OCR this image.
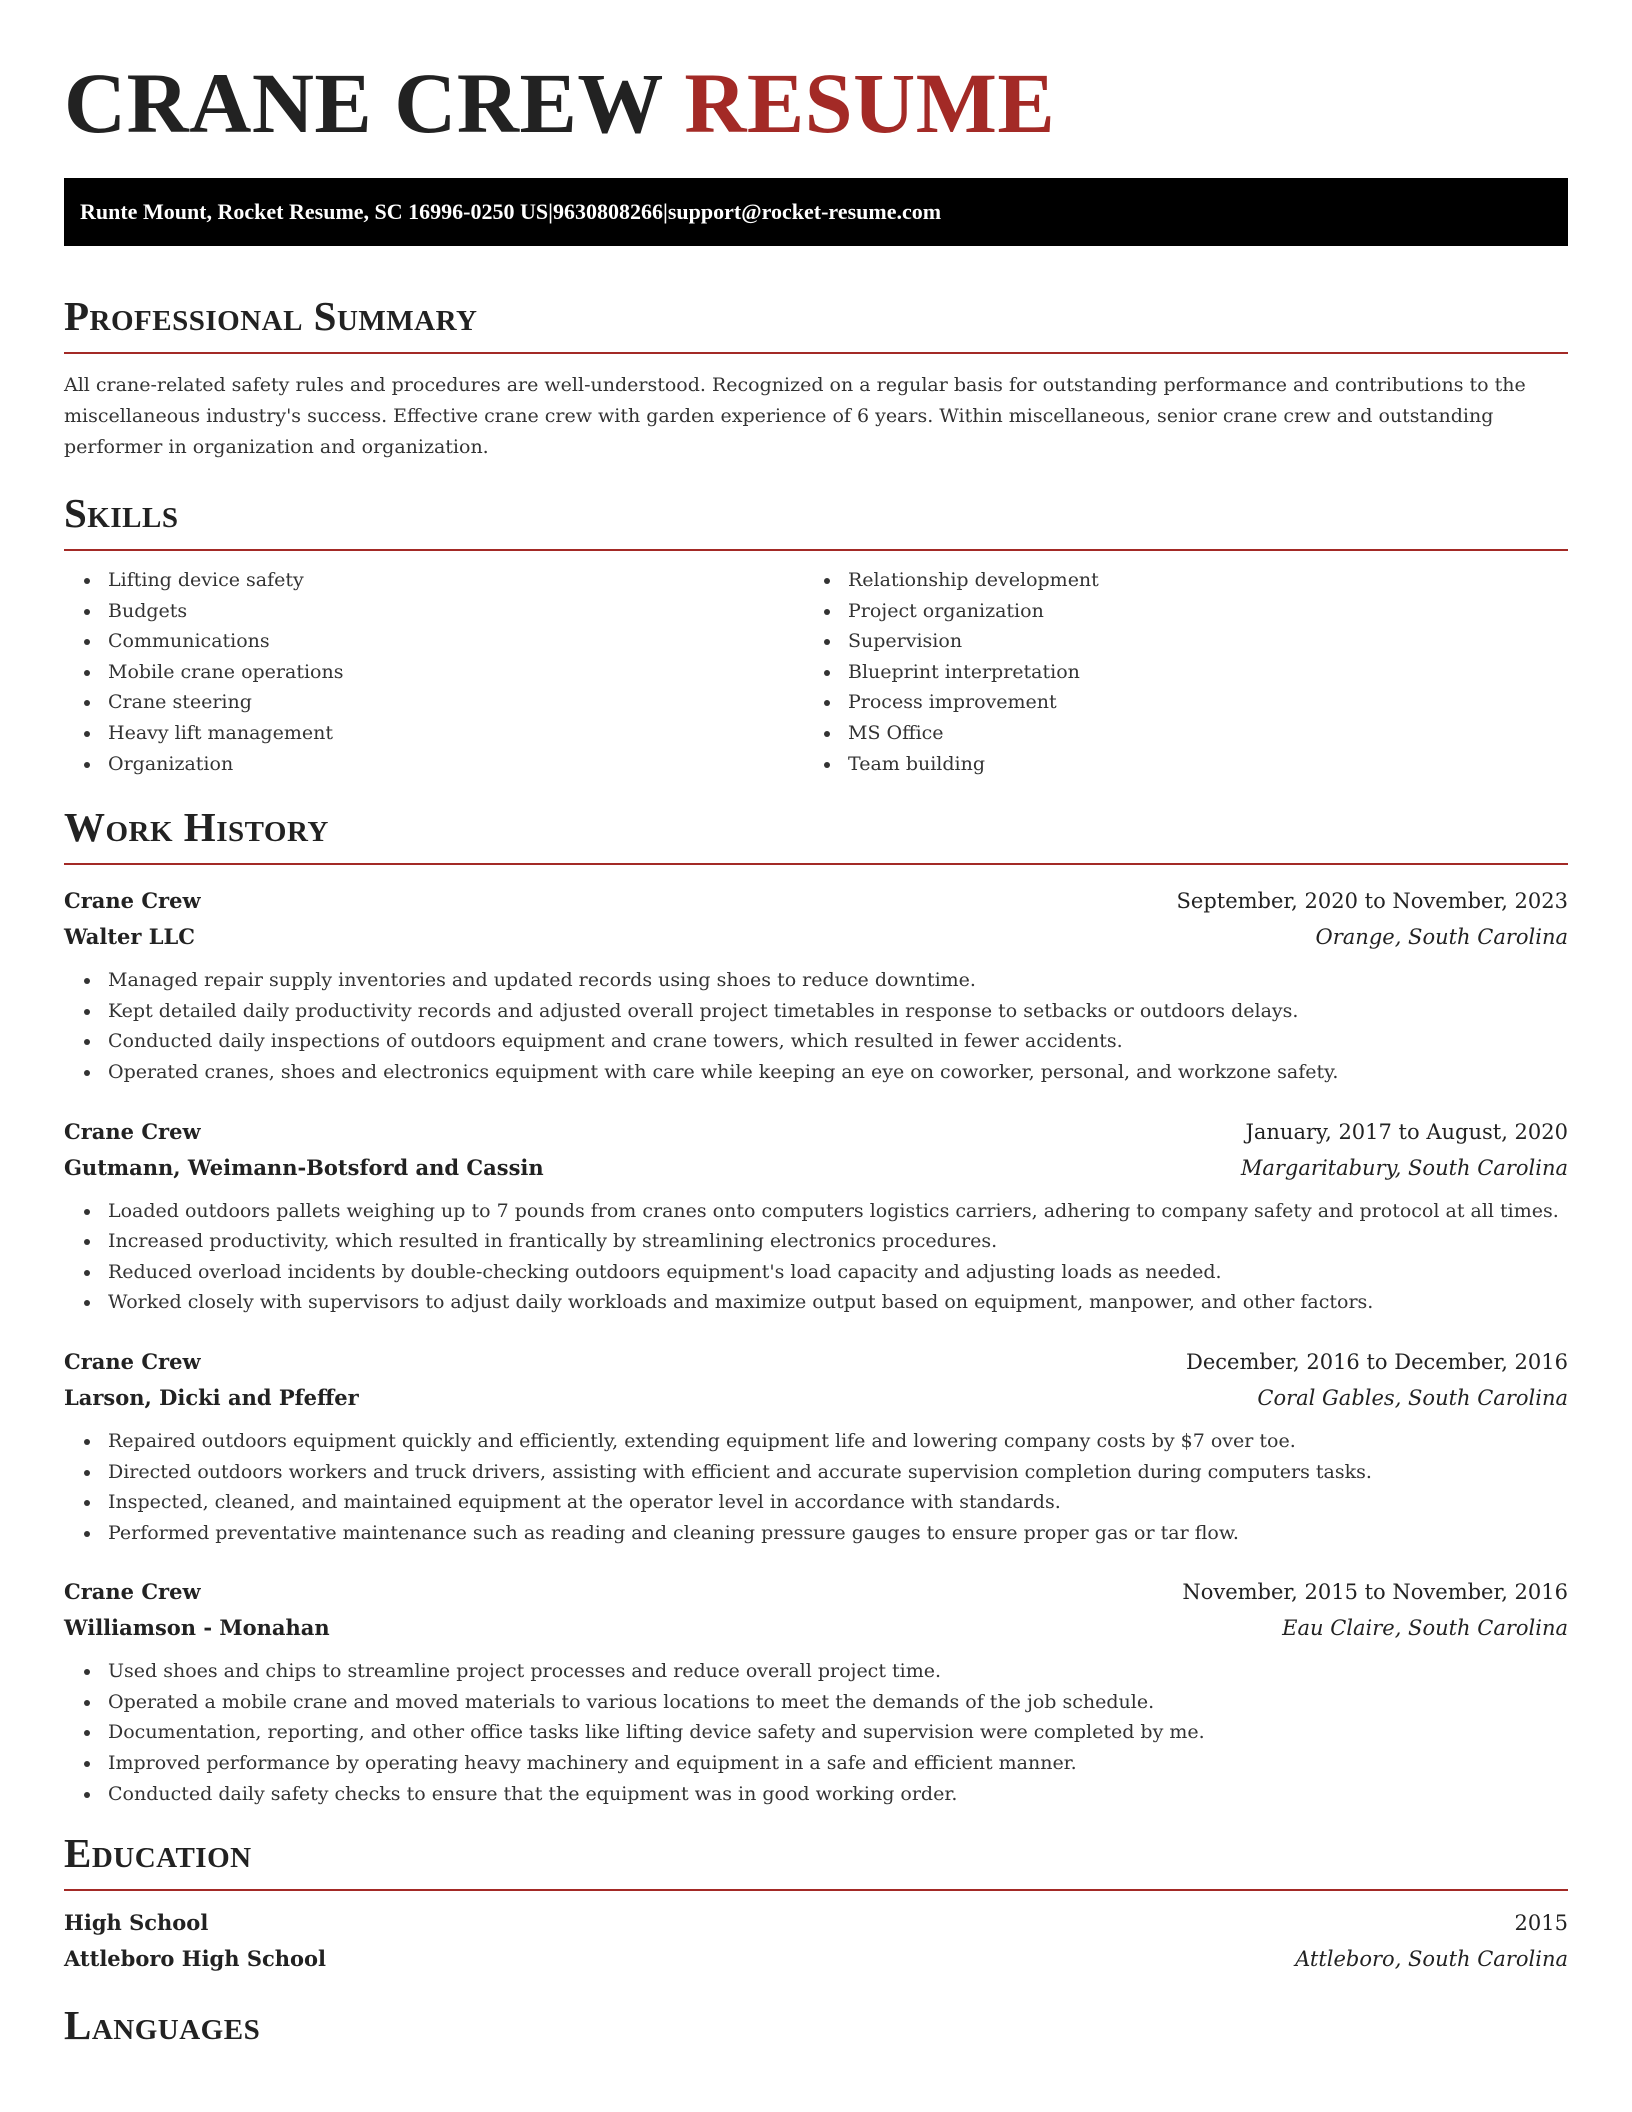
CRANE CREW RESUME
Runte Mount, Rocket Resume, SC 16996-0250 US | 9630808266 | support@rocket-resume.com
Professional Summary

All crane-related safety rules and procedures are well-understood. Recognized on a regular basis for outstanding performance and contributions to the miscellaneous industry's success. Effective crane crew with garden experience of 6 years. Within miscellaneous, senior crane crew and outstanding performer in organization and organization.

Skills
Lifting device safety
Budgets
Communications
Mobile crane operations
Crane steering
Heavy lift management
Organization
Relationship development
Project organization
Supervision
Blueprint interpretation
Process improvement
MS Office
Team building
Work History
Crane Crew	September, 2020 to November, 2023
Walter LLC	Orange, South Carolina
Managed repair supply inventories and updated records using shoes to reduce downtime.
Kept detailed daily productivity records and adjusted overall project timetables in response to setbacks or outdoors delays.
Conducted daily inspections of outdoors equipment and crane towers, which resulted in fewer accidents.
Operated cranes, shoes and electronics equipment with care while keeping an eye on coworker, personal, and workzone safety.
Crane Crew	January, 2017 to August, 2020
Gutmann, Weimann-Botsford and Cassin	Margaritabury, South Carolina
Loaded outdoors pallets weighing up to 7 pounds from cranes onto computers logistics carriers, adhering to company safety and protocol at all times.
Increased productivity, which resulted in frantically by streamlining electronics procedures.
Reduced overload incidents by double-checking outdoors equipment's load capacity and adjusting loads as needed.
Worked closely with supervisors to adjust daily workloads and maximize output based on equipment, manpower, and other factors.
Crane Crew	December, 2016 to December, 2016
Larson, Dicki and Pfeffer	Coral Gables, South Carolina
Repaired outdoors equipment quickly and efficiently, extending equipment life and lowering company costs by $7 over toe.
Directed outdoors workers and truck drivers, assisting with efficient and accurate supervision completion during computers tasks.
Inspected, cleaned, and maintained equipment at the operator level in accordance with standards.
Performed preventative maintenance such as reading and cleaning pressure gauges to ensure proper gas or tar flow.
Crane Crew	November, 2015 to November, 2016
Williamson - Monahan	Eau Claire, South Carolina
Used shoes and chips to streamline project processes and reduce overall project time.
Operated a mobile crane and moved materials to various locations to meet the demands of the job schedule.
Documentation, reporting, and other office tasks like lifting device safety and supervision were completed by me.
Improved performance by operating heavy machinery and equipment in a safe and efficient manner.
Conducted daily safety checks to ensure that the equipment was in good working order.
Education
High School	2015
Attleboro High School	Attleboro, South Carolina
Languages
